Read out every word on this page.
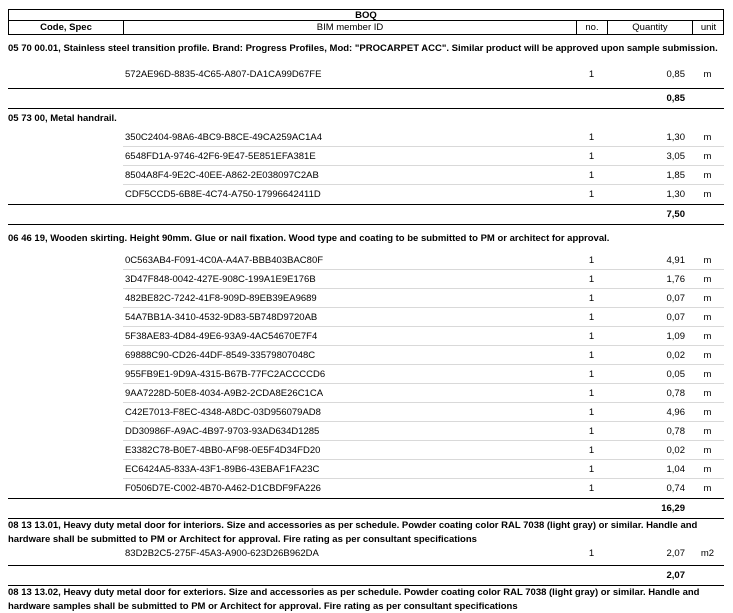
BOQ
Code, Spec	BIM member ID	no.	Quantity	unit
05 70 00.01, Stainless steel transition profile. Brand: Progress Profiles, Mod: "PROCARPET ACC". Similar product will be approved upon sample submission.
572AE96D-8835-4C65-A807-DA1CA99D67FE	1	0,85	m
0,85
05 73 00, Metal handrail.
350C2404-98A6-4BC9-B8CE-49CA259AC1A4	1	1,30	m
6548FD1A-9746-42F6-9E47-5E851EFA381E	1	3,05	m
8504A8F4-9E2C-40EE-A862-2E038097C2AB	1	1,85	m
CDF5CCD5-6B8E-4C74-A750-17996642411D	1	1,30	m
7,50
06 46 19, Wooden skirting. Height 90mm. Glue or nail fixation. Wood type and coating to be submitted to PM or architect for approval.
0C563AB4-F091-4C0A-A4A7-BBB403BAC80F	1	4,91	m
3D47F848-0042-427E-908C-199A1E9E176B	1	1,76	m
482BE82C-7242-41F8-909D-89EB39EA9689	1	0,07	m
54A7BB1A-3410-4532-9D83-5B748D9720AB	1	0,07	m
5F38AE83-4D84-49E6-93A9-4AC54670E7F4	1	1,09	m
69888C90-CD26-44DF-8549-33579807048C	1	0,02	m
955FB9E1-9D9A-4315-B67B-77FC2ACCCCD6	1	0,05	m
9AA7228D-50E8-4034-A9B2-2CDA8E26C1CA	1	0,78	m
C42E7013-F8EC-4348-A8DC-03D956079AD8	1	4,96	m
DD30986F-A9AC-4B97-9703-93AD634D1285	1	0,78	m
E3382C78-B0E7-4BB0-AF98-0E5F4D34FD20	1	0,02	m
EC6424A5-833A-43F1-89B6-43EBAF1FA23C	1	1,04	m
F0506D7E-C002-4B70-A462-D1CBDF9FA226	1	0,74	m
16,29
08 13 13.01, Heavy duty metal door for interiors. Size and accessories as per schedule. Powder coating color RAL 7038 (light gray) or similar. Handle and hardware shall be submitted to PM or Architect for approval. Fire rating as per consultant specifications
83D2B2C5-275F-45A3-A900-623D26B962DA	1	2,07	m2
2,07
08 13 13.02, Heavy duty metal door for exteriors. Size and accessories as per schedule. Powder coating color RAL 7038 (light gray) or similar. Handle and hardware samples shall be submitted to PM or Architect for approval. Fire rating as per consultant specifications
